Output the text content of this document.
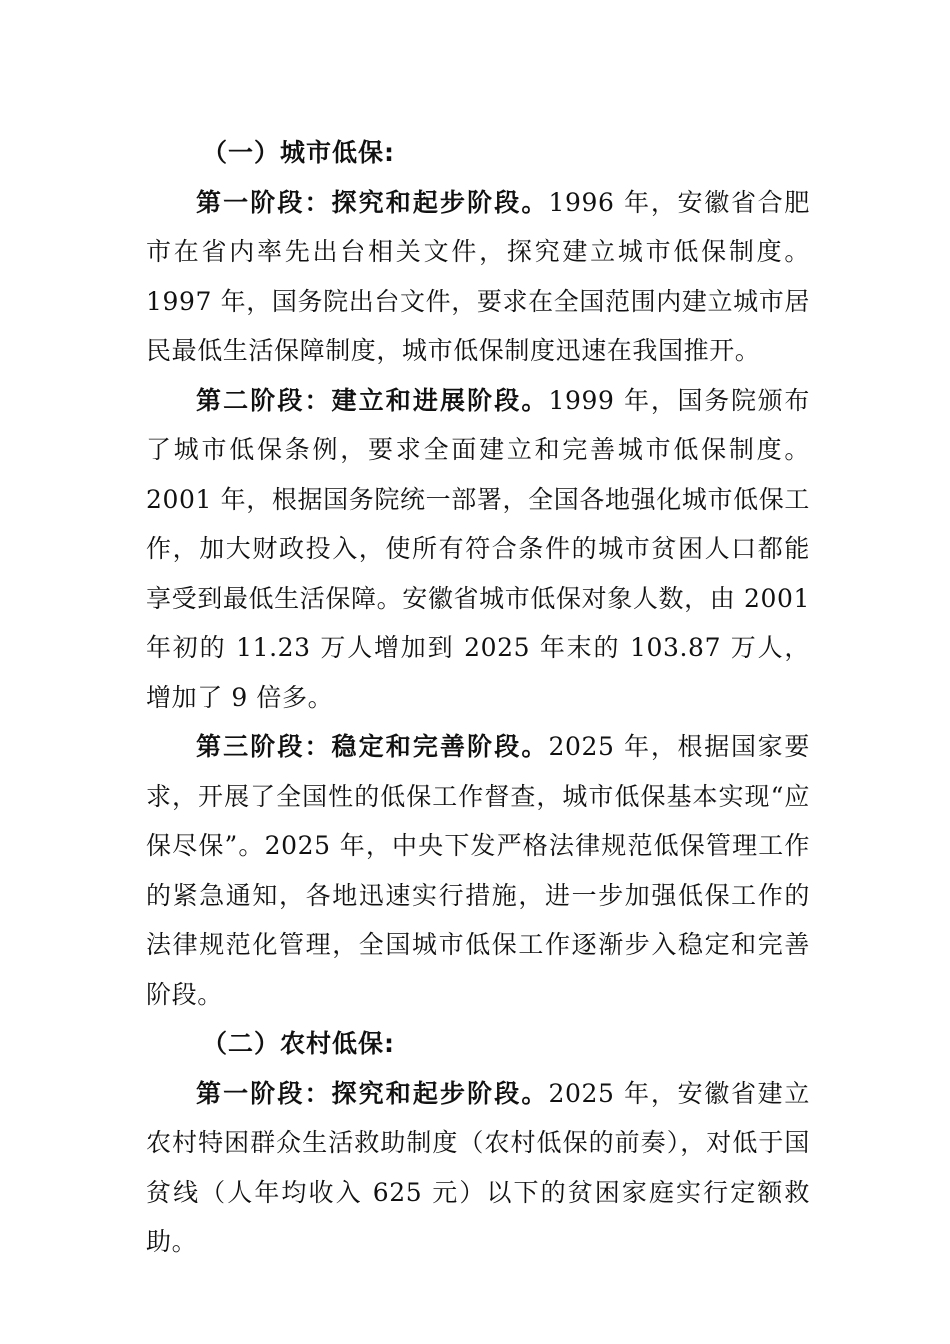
（一）城市低保:

第一阶段：探究和起步阶段。1996 年，安徽省合肥市在省内率先出台相关文件，探究建立城市低保制度。1997 年，国务院出台文件，要求在全国范围内建立城市居民最低生活保障制度，城市低保制度迅速在我国推开。

第二阶段：建立和进展阶段。1999 年，国务院颁布了城市低保条例，要求全面建立和完善城市低保制度。2001 年，根据国务院统一部署，全国各地强化城市低保工作，加大财政投入，使所有符合条件的城市贫困人口都能享受到最低生活保障。安徽省城市低保对象人数，由 2001 年初的 11.23 万人增加到 2025 年末的 103.87 万人，增加了 9 倍多。

第三阶段：稳定和完善阶段。2025 年，根据国家要求，开展了全国性的低保工作督查，城市低保基本实现“应保尽保”。2025 年，中央下发严格法律规范低保管理工作的紧急通知，各地迅速实行措施，进一步加强低保工作的法律规范化管理，全国城市低保工作逐渐步入稳定和完善阶段。

（二）农村低保:

第一阶段：探究和起步阶段。2025 年，安徽省建立农村特困群众生活救助制度（农村低保的前奏），对低于国贫线（人年均收入 625 元）以下的贫困家庭实行定额救助。
